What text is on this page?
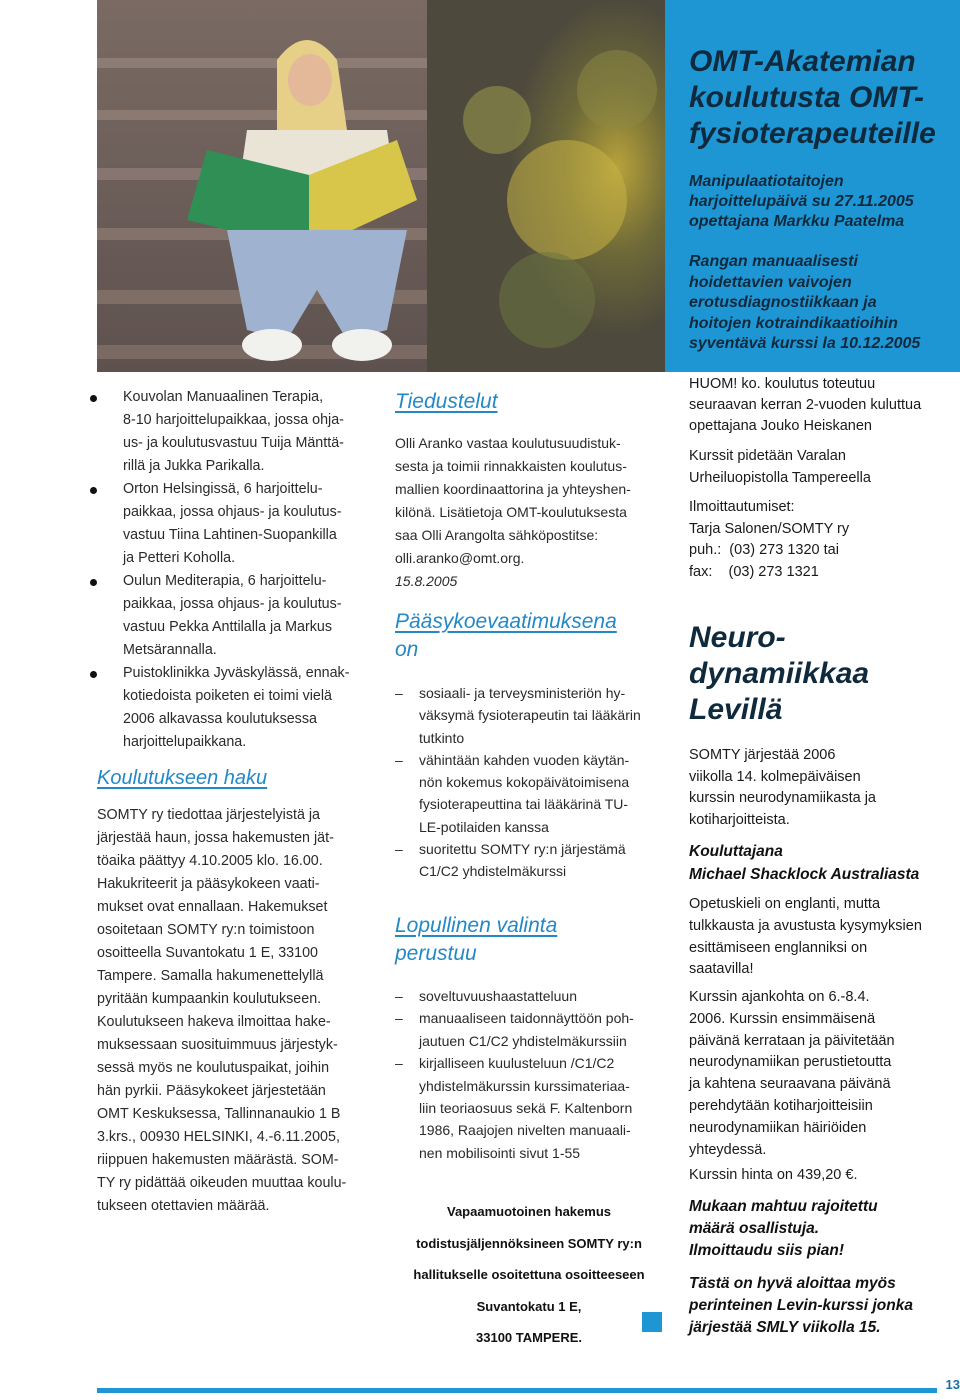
OMT-Akatemian koulutusta OMT-fysioterapeuteille
Manipulaatiotaitojen
harjoittelupäivä su 27.11.2005
opettajana Markku Paatelma
Rangan manuaalisesti
hoidettavien vaivojen
erotusdiagnostiikkaan ja
hoitojen kotraindikaatioihin
syventävä kurssi la 10.12.2005
Kouvolan Manuaalinen Terapia,
8-10 harjoittelupaikkaa, jossa ohja-
us- ja koulutusvastuu Tuija Mänttä-
rillä ja Jukka Parikalla.
Orton Helsingissä, 6 harjoittelu-
paikkaa, jossa ohjaus- ja koulutus-
vastuu Tiina Lahtinen-Suopankilla
ja Petteri Koholla.
Oulun Mediterapia, 6 harjoittelu-
paikkaa, jossa ohjaus- ja koulutus-
vastuu Pekka Anttilalla ja Markus
Metsärannalla.
Puistoklinikka Jyväskylässä, ennak-
kotiedoista poiketen ei toimi vielä
2006 alkavassa koulutuksessa
harjoittelupaikkana.
Koulutukseen haku
SOMTY ry tiedottaa järjestelyistä ja
järjestää haun, jossa hakemusten jät-
töaika päättyy 4.10.2005 klo. 16.00.
Hakukriteerit ja pääsykokeen vaati-
mukset ovat ennallaan. Hakemukset
osoitetaan SOMTY ry:n toimistoon
osoitteella Suvantokatu 1 E, 33100
Tampere. Samalla hakumenettelyllä
pyritään kumpaankin koulutukseen.
Koulutukseen hakeva ilmoittaa hake-
muksessaan suosituimmuus järjestyk-
sessä myös ne koulutuspaikat, joihin
hän pyrkii. Pääsykokeet järjestetään
OMT Keskuksessa, Tallinnanaukio 1 B
3.krs., 00930 HELSINKI, 4.-6.11.2005,
riippuen hakemusten määrästä. SOM-
TY ry pidättää oikeuden muuttaa koulu-
tukseen otettavien määrää.
Tiedustelut
Olli Aranko vastaa koulutusuudistuk-
sesta ja toimii rinnakkaisten koulutus-
mallien koordinaattorina ja yhteyshen-
kilönä. Lisätietoja OMT-koulutuksesta
saa Olli Arangolta sähköpostitse:
olli.aranko@omt.org.
15.8.2005
Pääsykoevaatimuksena
on
– sosiaali- ja terveysministeriön hy-
väksymä fysioterapeutin tai lääkärin
tutkinto
– vähintään kahden vuoden käytän-
nön kokemus kokopäivätoimisena
fysioterapeuttina tai lääkärinä TU-
LE-potilaiden kanssa
– suoritettu SOMTY ry:n järjestämä
C1/C2 yhdistelmäkurssi
Lopullinen valinta
perustuu
– soveltuvuushaastatteluun
– manuaaliseen taidonnäyttöön poh-
jautuen C1/C2 yhdistelmäkurssiin
– kirjalliseen kuulusteluun /C1/C2
yhdistelmäkurssin kurssimateriaa-
liin teoriaosuus sekä F. Kaltenborn
1986, Raajojen nivelten manuaali-
nen mobilisointi sivut 1-55
Vapaamuotoinen hakemus
todistusjäljennöksineen SOMTY ry:n
hallitukselle osoitettuna osoitteeseen
Suvantokatu 1 E,
33100 TAMPERE.
HUOM! ko. koulutus toteutuu
seuraavan kerran 2-vuoden kuluttua
opettajana Jouko Heiskanen
Kurssit pidetään Varalan
Urheiluopistolla Tampereella
Ilmoittautumiset:
Tarja Salonen/SOMTY ry
puh.:  (03) 273 1320 tai
fax:    (03) 273 1321
Neuro-
dynamiikkaa
Levillä
SOMTY järjestää 2006
viikolla 14. kolmepäiväisen
kurssin neurodynamiikasta ja
kotiharjoitteista.
Kouluttajana
Michael Shacklock Australiasta
Opetuskieli on englanti, mutta
tulkkausta ja avustusta kysymyksien
esittämiseen englanniksi on
saatavilla!
Kurssin ajankohta on 6.-8.4.
2006. Kurssin ensimmäisenä
päivänä kerrataan ja päivitetään
neurodynamiikan perustietoutta
ja kahtena seuraavana päivänä
perehdytään kotiharjoitteisiin
neurodynamiikan häiriöiden
yhteydessä.
Kurssin hinta on 439,20 €.
Mukaan mahtuu rajoitettu
määrä osallistuja.
Ilmoittaudu siis pian!
Tästä on hyvä aloittaa myös
perinteinen Levin-kurssi jonka
järjestää SMLY viikolla 15.
13
